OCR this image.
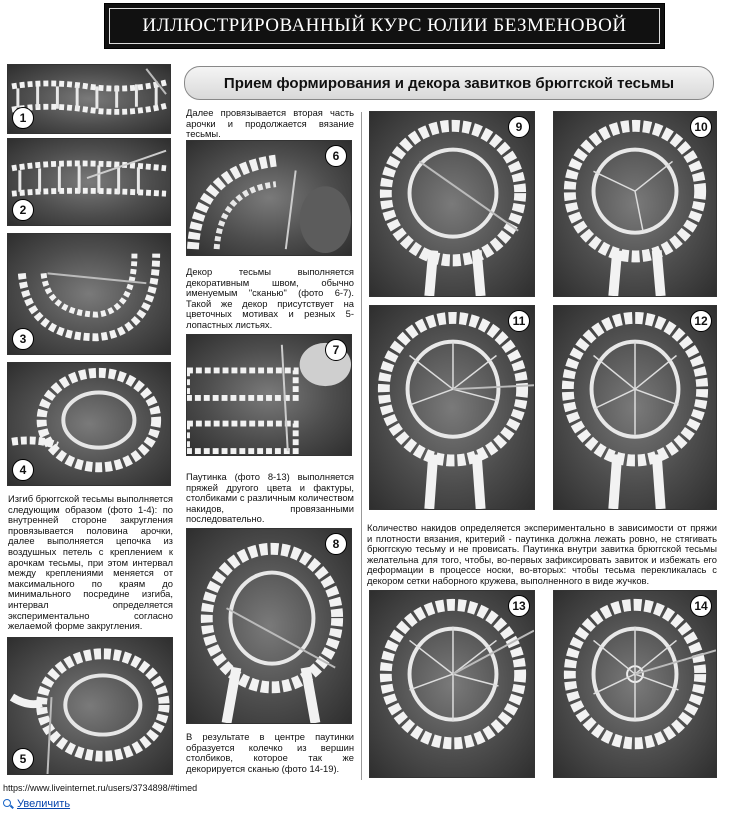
ИЛЛЮСТРИРОВАННЫЙ КУРС ЮЛИИ БЕЗМЕНОВОЙ
Прием формирования и декора завитков брюггской тесьмы
1
2
3
4
Изгиб брюггской тесьмы выполняется следующим образом (фото 1-4): по внутренней стороне закругления провязывается половина арочки, далее выполняется цепочка из воздушных петель с креплением к арочкам тесьмы, при этом интервал между креплениями меняется от максимального по краям до минимального посредине изгиба, интервал определяется экспериментально согласно желаемой форме закругления.
5
Далее провязывается вторая часть арочки и продолжается вязание тесьмы.
6
Декор тесьмы выполняется декоративным швом, обычно именуемым "сканью" (фото 6-7). Такой же декор присутствует на цветочных мотивах и резных 5-лопастных листьях.
7
Паутинка (фото 8-13) выполняется пряжей другого цвета и фактуры, столбиками с различным количеством накидов, провязанными последовательно.
8
В результате в центре паутинки образуется колечко из вершин столбиков, которое так же декорируется сканью (фото 14-19).
9	10
11	12
Количество накидов определяется экспериментально в зависимости от пряжи и плотности вязания, критерий - паутинка должна лежать ровно, не стягивать брюггскую тесьму и не провисать. Паутинка внутри завитка брюггской тесьмы желательна для того, чтобы, во-первых зафиксировать завиток и избежать его деформации в процессе носки, во-вторых: чтобы тесьма перекликалась с декором сетки наборного кружева, выполненного в виде жучков.
13	14
https://www.liveinternet.ru/users/3734898/#timed
Увеличить
